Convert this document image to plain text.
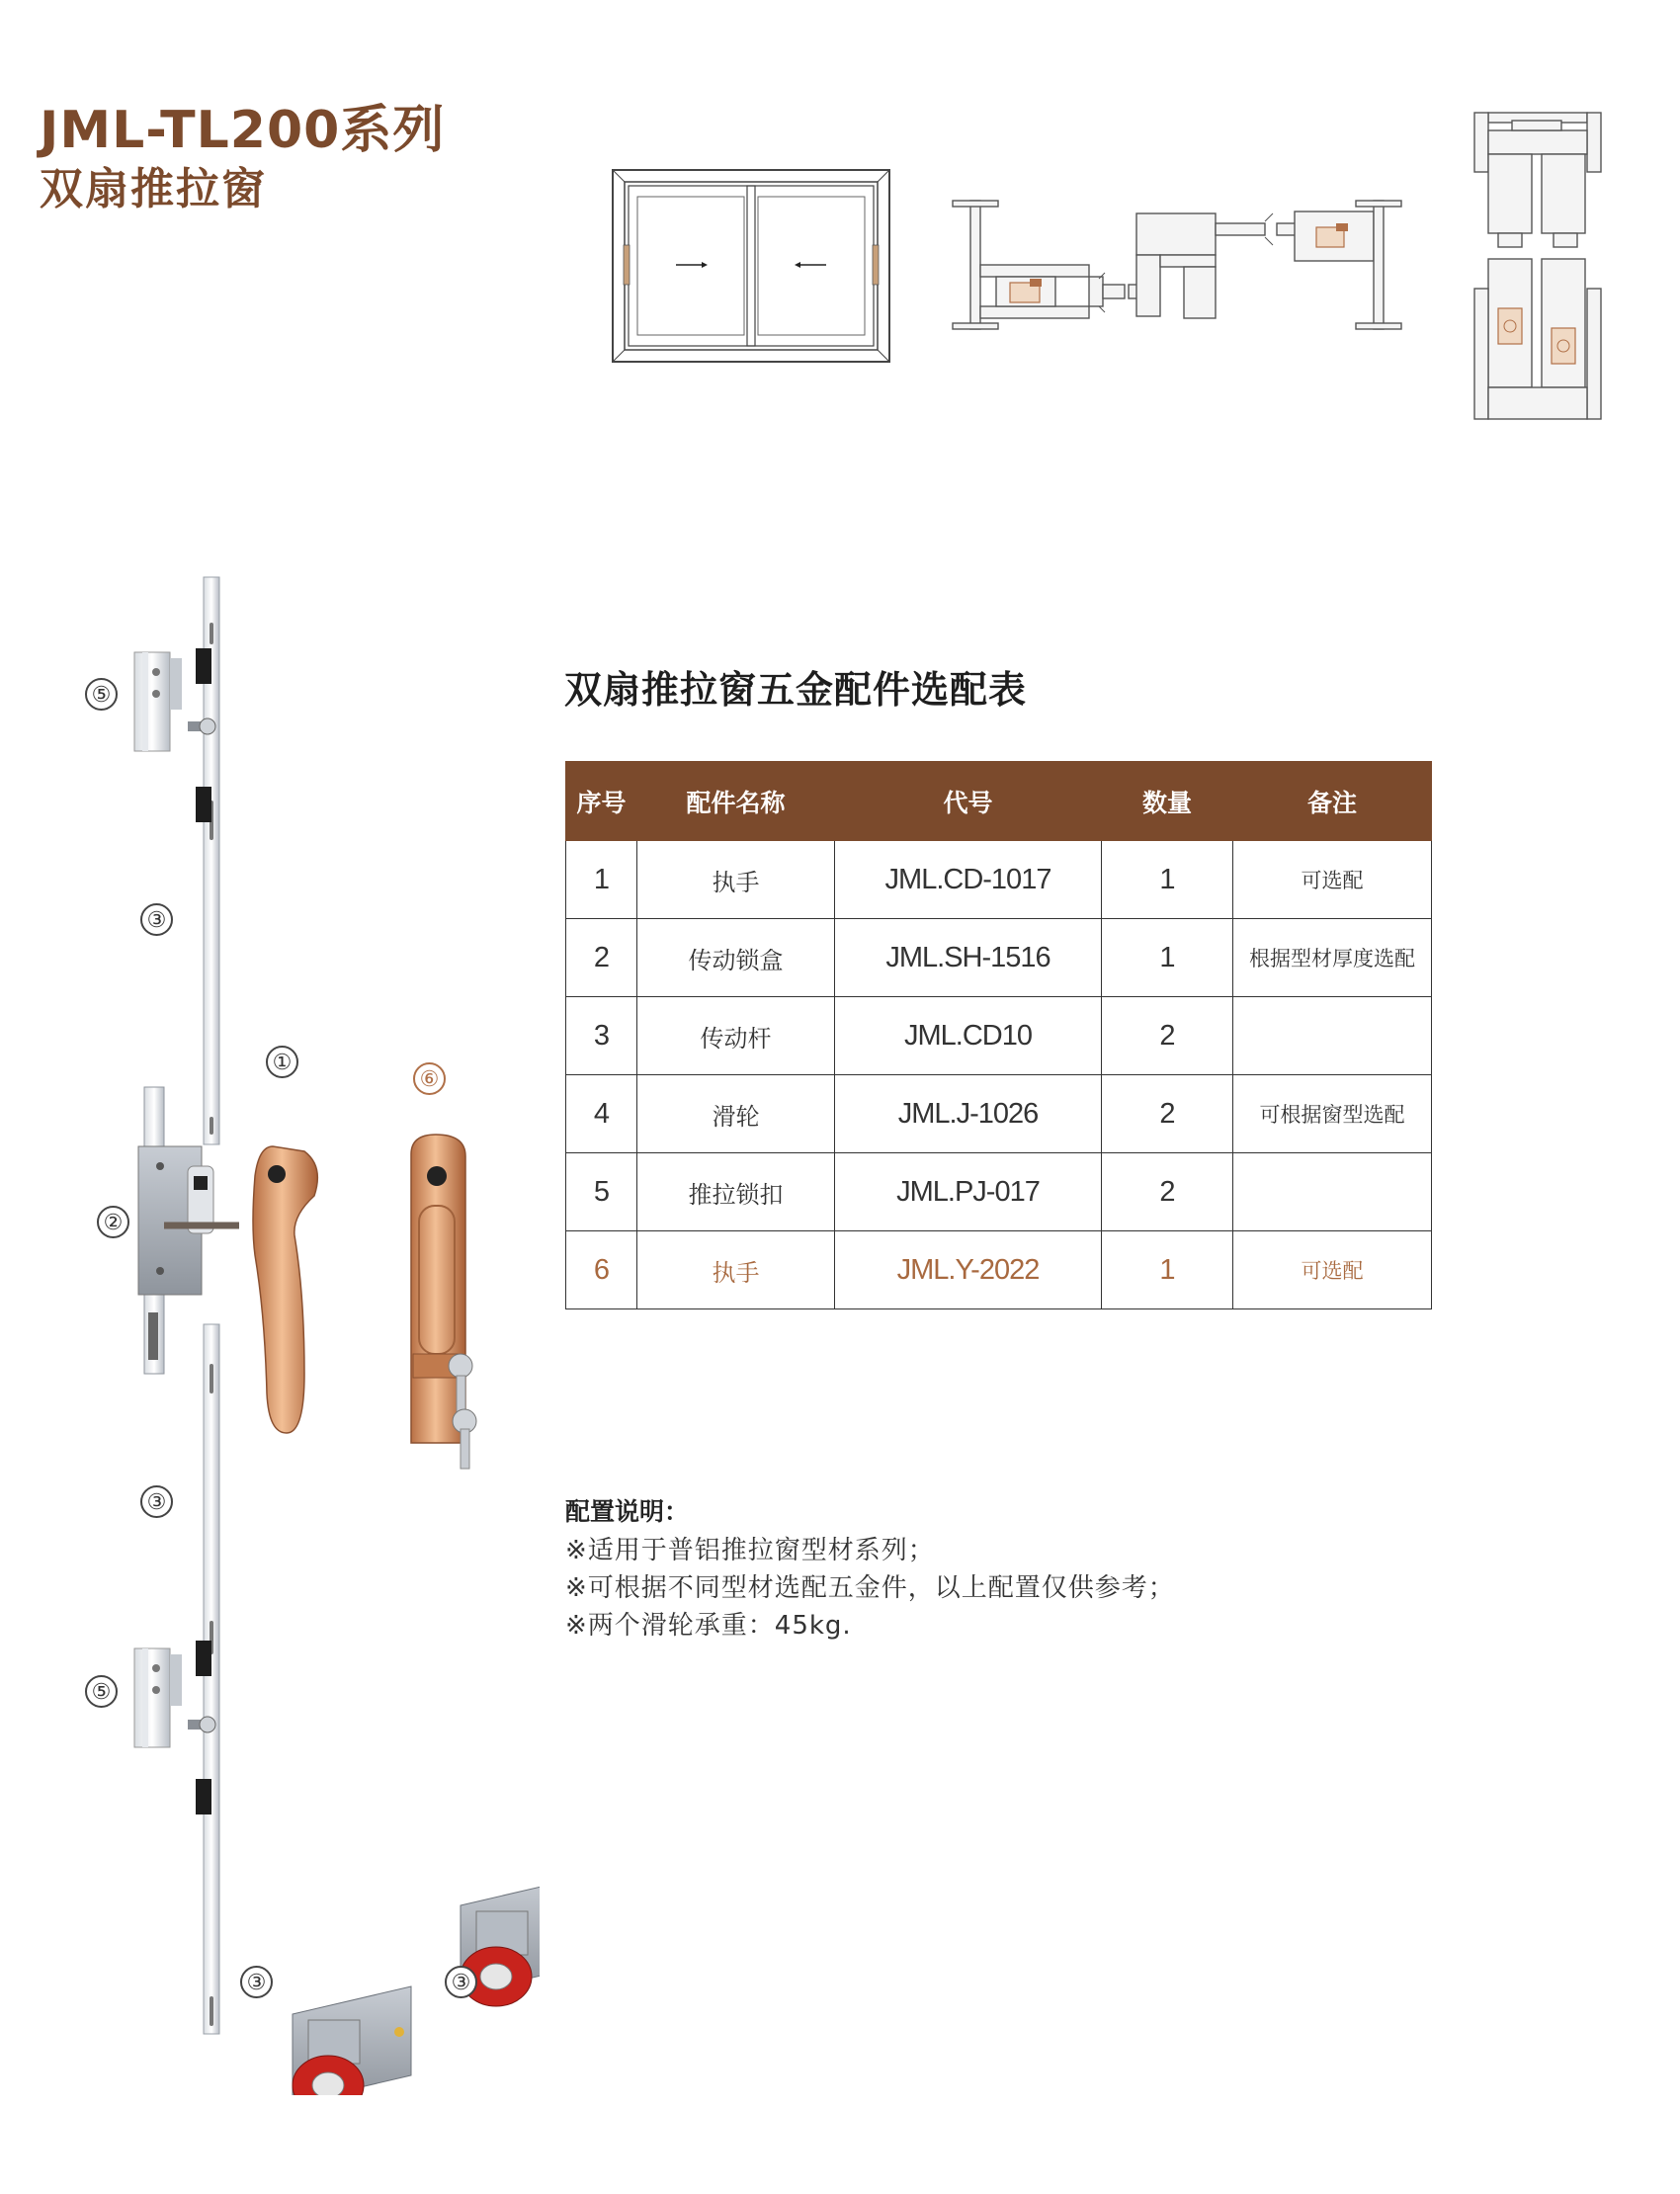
JML-TL200系列
双扇推拉窗
⑤
③
①
⑥
②
③
⑤
③	③
双扇推拉窗五金配件选配表
序号	配件名称	代号	数量	备注
1	执手	JML.CD-1017	1	可选配
2	传动锁盒	JML.SH-1516	1	根据型材厚度选配
3	传动杆	JML.CD10	2	
4	滑轮	JML.J-1026	2	可根据窗型选配
5	推拉锁扣	JML.PJ-017	2	
6	执手	JML.Y-2022	1	可选配
配置说明：
※适用于普铝推拉窗型材系列；
※可根据不同型材选配五金件，以上配置仅供参考；
※两个滑轮承重：45kg.
